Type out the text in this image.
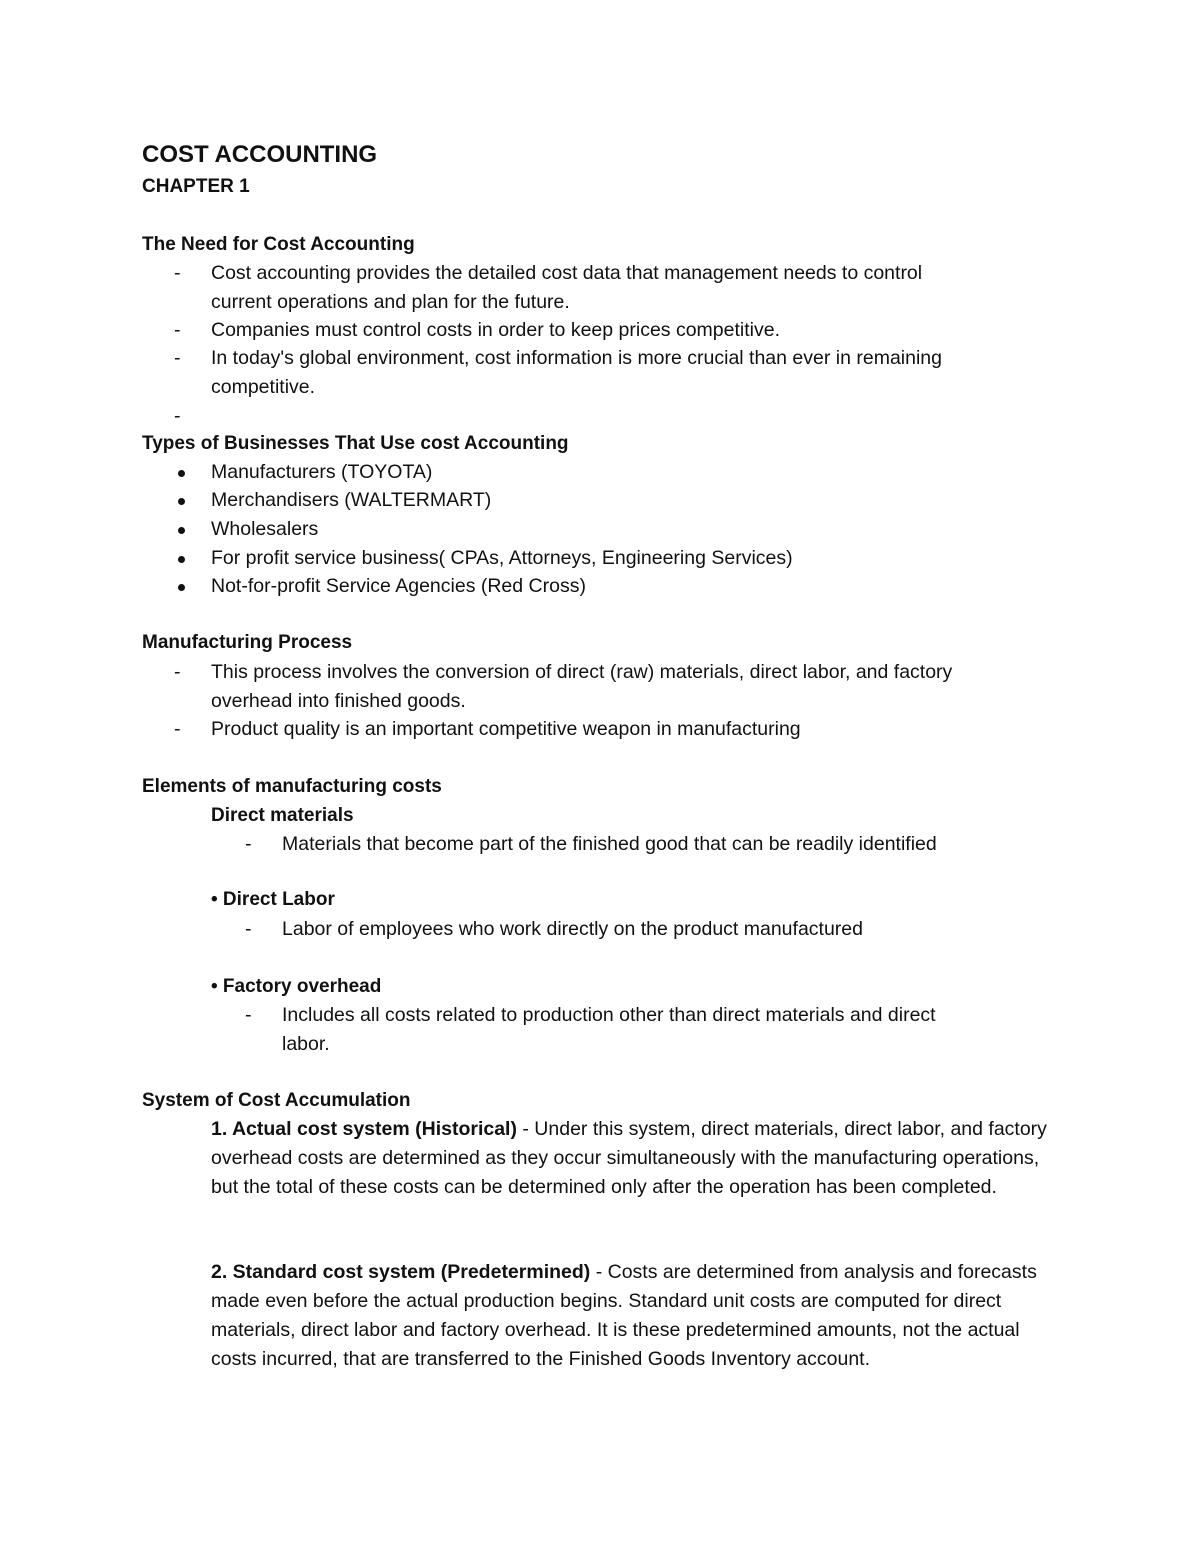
COST ACCOUNTING
CHAPTER 1
The Need for Cost Accounting
- Cost accounting provides the detailed cost data that management needs to control
current operations and plan for the future.
- Companies must control costs in order to keep prices competitive.
- In today's global environment, cost information is more crucial than ever in remaining
competitive.
-
Types of Businesses That Use cost Accounting
Manufacturers (TOYOTA)
Merchandisers (WALTERMART)
Wholesalers
For profit service business( CPAs, Attorneys, Engineering Services)
Not-for-profit Service Agencies (Red Cross)
Manufacturing Process
- This process involves the conversion of direct (raw) materials, direct labor, and factory
overhead into finished goods.
- Product quality is an important competitive weapon in manufacturing
Elements of manufacturing costs
Direct materials
- Materials that become part of the finished good that can be readily identified
• Direct Labor
- Labor of employees who work directly on the product manufactured
• Factory overhead
- Includes all costs related to production other than direct materials and direct
labor.
System of Cost Accumulation
1. Actual cost system (Historical) - Under this system, direct materials, direct labor, and factory overhead costs are determined as they occur simultaneously with the manufacturing operations, but the total of these costs can be determined only after the operation has been completed.
2. Standard cost system (Predetermined) - Costs are determined from analysis and forecasts made even before the actual production begins. Standard unit costs are computed for direct materials, direct labor and factory overhead. It is these predetermined amounts, not the actual costs incurred, that are transferred to the Finished Goods Inventory account.
